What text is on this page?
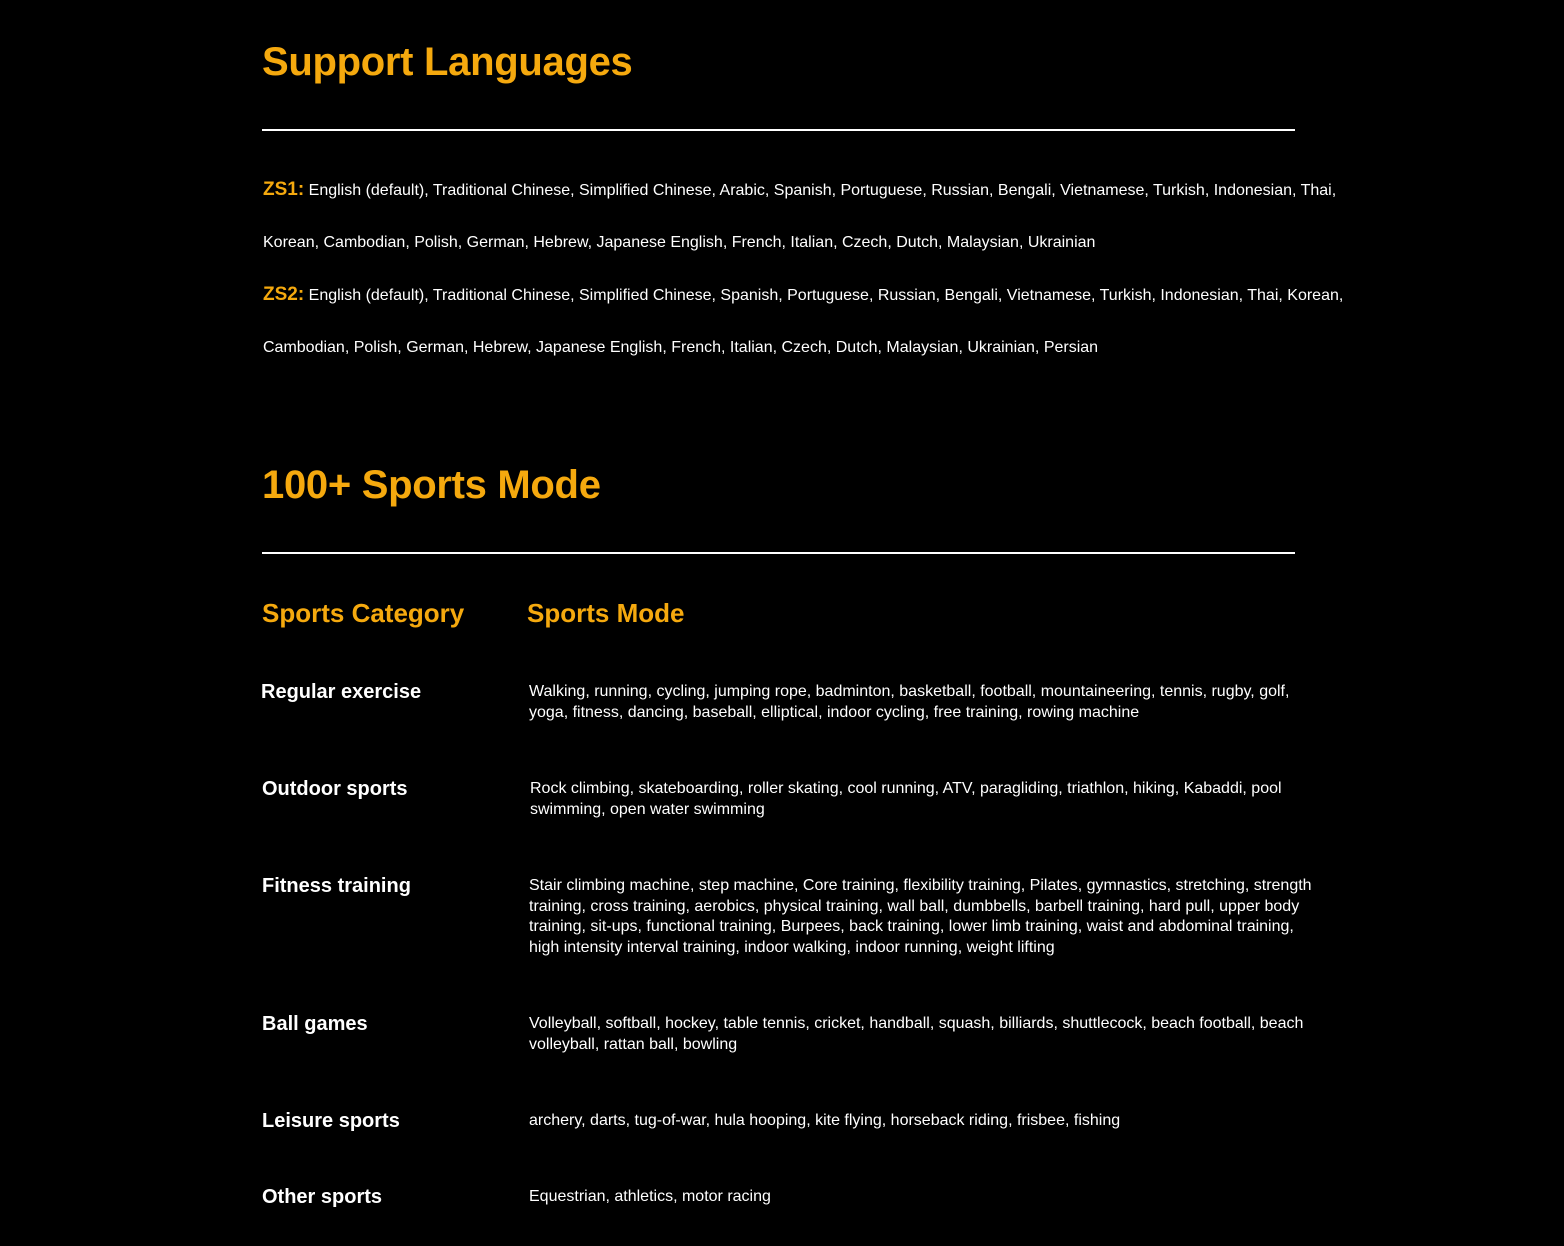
Support Languages

ZS1: English (default), Traditional Chinese, Simplified Chinese, Arabic, Spanish, Portuguese, Russian, Bengali, Vietnamese, Turkish, Indonesian, Thai, Korean, Cambodian, Polish, German, Hebrew, Japanese English, French, Italian, Czech, Dutch, Malaysian, Ukrainian

ZS2: English (default), Traditional Chinese, Simplified Chinese, Spanish, Portuguese, Russian, Bengali, Vietnamese, Turkish, Indonesian, Thai, Korean, Cambodian, Polish, German, Hebrew, Japanese English, French, Italian, Czech, Dutch, Malaysian, Ukrainian, Persian

100+ Sports Mode
Sports Category Sports Mode
Regular exercise	Walking, running, cycling, jumping rope, badminton, basketball, football, mountaineering, tennis, rugby, golf, yoga, fitness, dancing, baseball, elliptical, indoor cycling, free training, rowing machine
Outdoor sports	Rock climbing, skateboarding, roller skating, cool running, ATV, paragliding, triathlon, hiking, Kabaddi, pool swimming, open water swimming
Fitness training	Stair climbing machine, step machine, Core training, flexibility training, Pilates, gymnastics, stretching, strength training, cross training, aerobics, physical training, wall ball, dumbbells, barbell training, hard pull, upper body training, sit-ups, functional training, Burpees, back training, lower limb training, waist and abdominal training, high intensity interval training, indoor walking, indoor running, weight lifting
Ball games	Volleyball, softball, hockey, table tennis, cricket, handball, squash, billiards, shuttlecock, beach football, beach volleyball, rattan ball, bowling
Leisure sports	archery, darts, tug-of-war, hula hooping, kite flying, horseback riding, frisbee, fishing
Other sports	Equestrian, athletics, motor racing
